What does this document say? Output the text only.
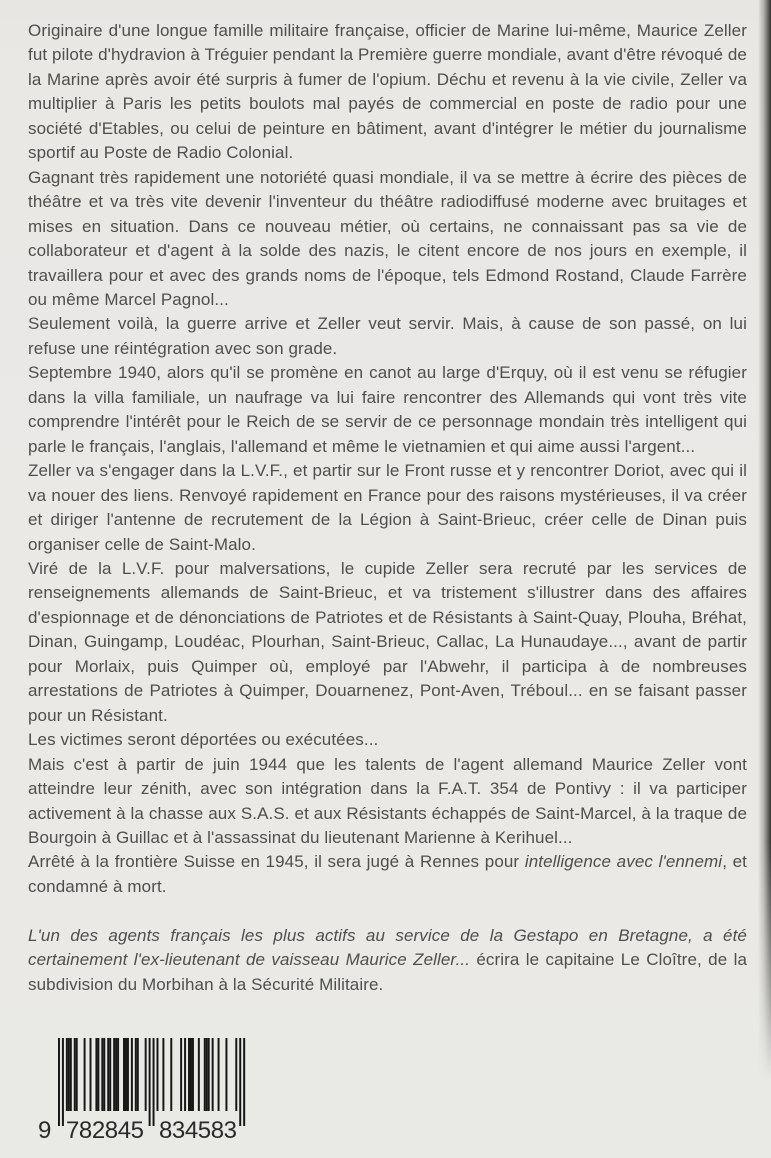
Originaire d'une longue famille militaire française, officier de Marine lui-même, Maurice Zeller fut pilote d'hydravion à Tréguier pendant la Première guerre mondiale, avant d'être révoqué de la Marine après avoir été surpris à fumer de l'opium. Déchu et revenu à la vie civile, Zeller va multiplier à Paris les petits boulots mal payés de commercial en poste de radio pour une société d'Etables, ou celui de peinture en bâtiment, avant d'intégrer le métier du journalisme sportif au Poste de Radio Colonial.

Gagnant très rapidement une notoriété quasi mondiale, il va se mettre à écrire des pièces de théâtre et va très vite devenir l'inventeur du théâtre radiodiffusé moderne avec bruitages et mises en situation. Dans ce nouveau métier, où certains, ne connaissant pas sa vie de collaborateur et d'agent à la solde des nazis, le citent encore de nos jours en exemple, il travaillera pour et avec des grands noms de l'époque, tels Edmond Rostand, Claude Farrère ou même Marcel Pagnol...

Seulement voilà, la guerre arrive et Zeller veut servir. Mais, à cause de son passé, on lui refuse une réintégration avec son grade.

Septembre 1940, alors qu'il se promène en canot au large d'Erquy, où il est venu se réfugier dans la villa familiale, un naufrage va lui faire rencontrer des Allemands qui vont très vite comprendre l'intérêt pour le Reich de se servir de ce personnage mondain très intelligent qui parle le français, l'anglais, l'allemand et même le vietnamien et qui aime aussi l'argent...

Zeller va s'engager dans la L.V.F., et partir sur le Front russe et y rencontrer Doriot, avec qui il va nouer des liens. Renvoyé rapidement en France pour des raisons mystérieuses, il va créer et diriger l'antenne de recrutement de la Légion à Saint-Brieuc, créer celle de Dinan puis organiser celle de Saint-Malo.

Viré de la L.V.F. pour malversations, le cupide Zeller sera recruté par les services de renseignements allemands de Saint-Brieuc, et va tristement s'illustrer dans des affaires d'espionnage et de dénonciations de Patriotes et de Résistants à Saint-Quay, Plouha, Bréhat, Dinan, Guingamp, Loudéac, Plourhan, Saint-Brieuc, Callac, La Hunaudaye..., avant de partir pour Morlaix, puis Quimper où, employé par l'Abwehr, il participa à de nombreuses arrestations de Patriotes à Quimper, Douarnenez, Pont-Aven, Tréboul... en se faisant passer pour un Résistant.

Les victimes seront déportées ou exécutées...

Mais c'est à partir de juin 1944 que les talents de l'agent allemand Maurice Zeller vont atteindre leur zénith, avec son intégration dans la F.A.T. 354 de Pontivy : il va participer activement à la chasse aux S.A.S. et aux Résistants échappés de Saint-Marcel, à la traque de Bourgoin à Guillac et à l'assassinat du lieutenant Marienne à Kerihuel...

Arrêté à la frontière Suisse en 1945, il sera jugé à Rennes pour intelligence avec l'ennemi, et condamné à mort.

L'un des agents français les plus actifs au service de la Gestapo en Bretagne, a été certainement l'ex-lieutenant de vaisseau Maurice Zeller... écrira le capitaine Le Cloître, de la subdivision du Morbihan à la Sécurité Militaire.

9 782845 834583
